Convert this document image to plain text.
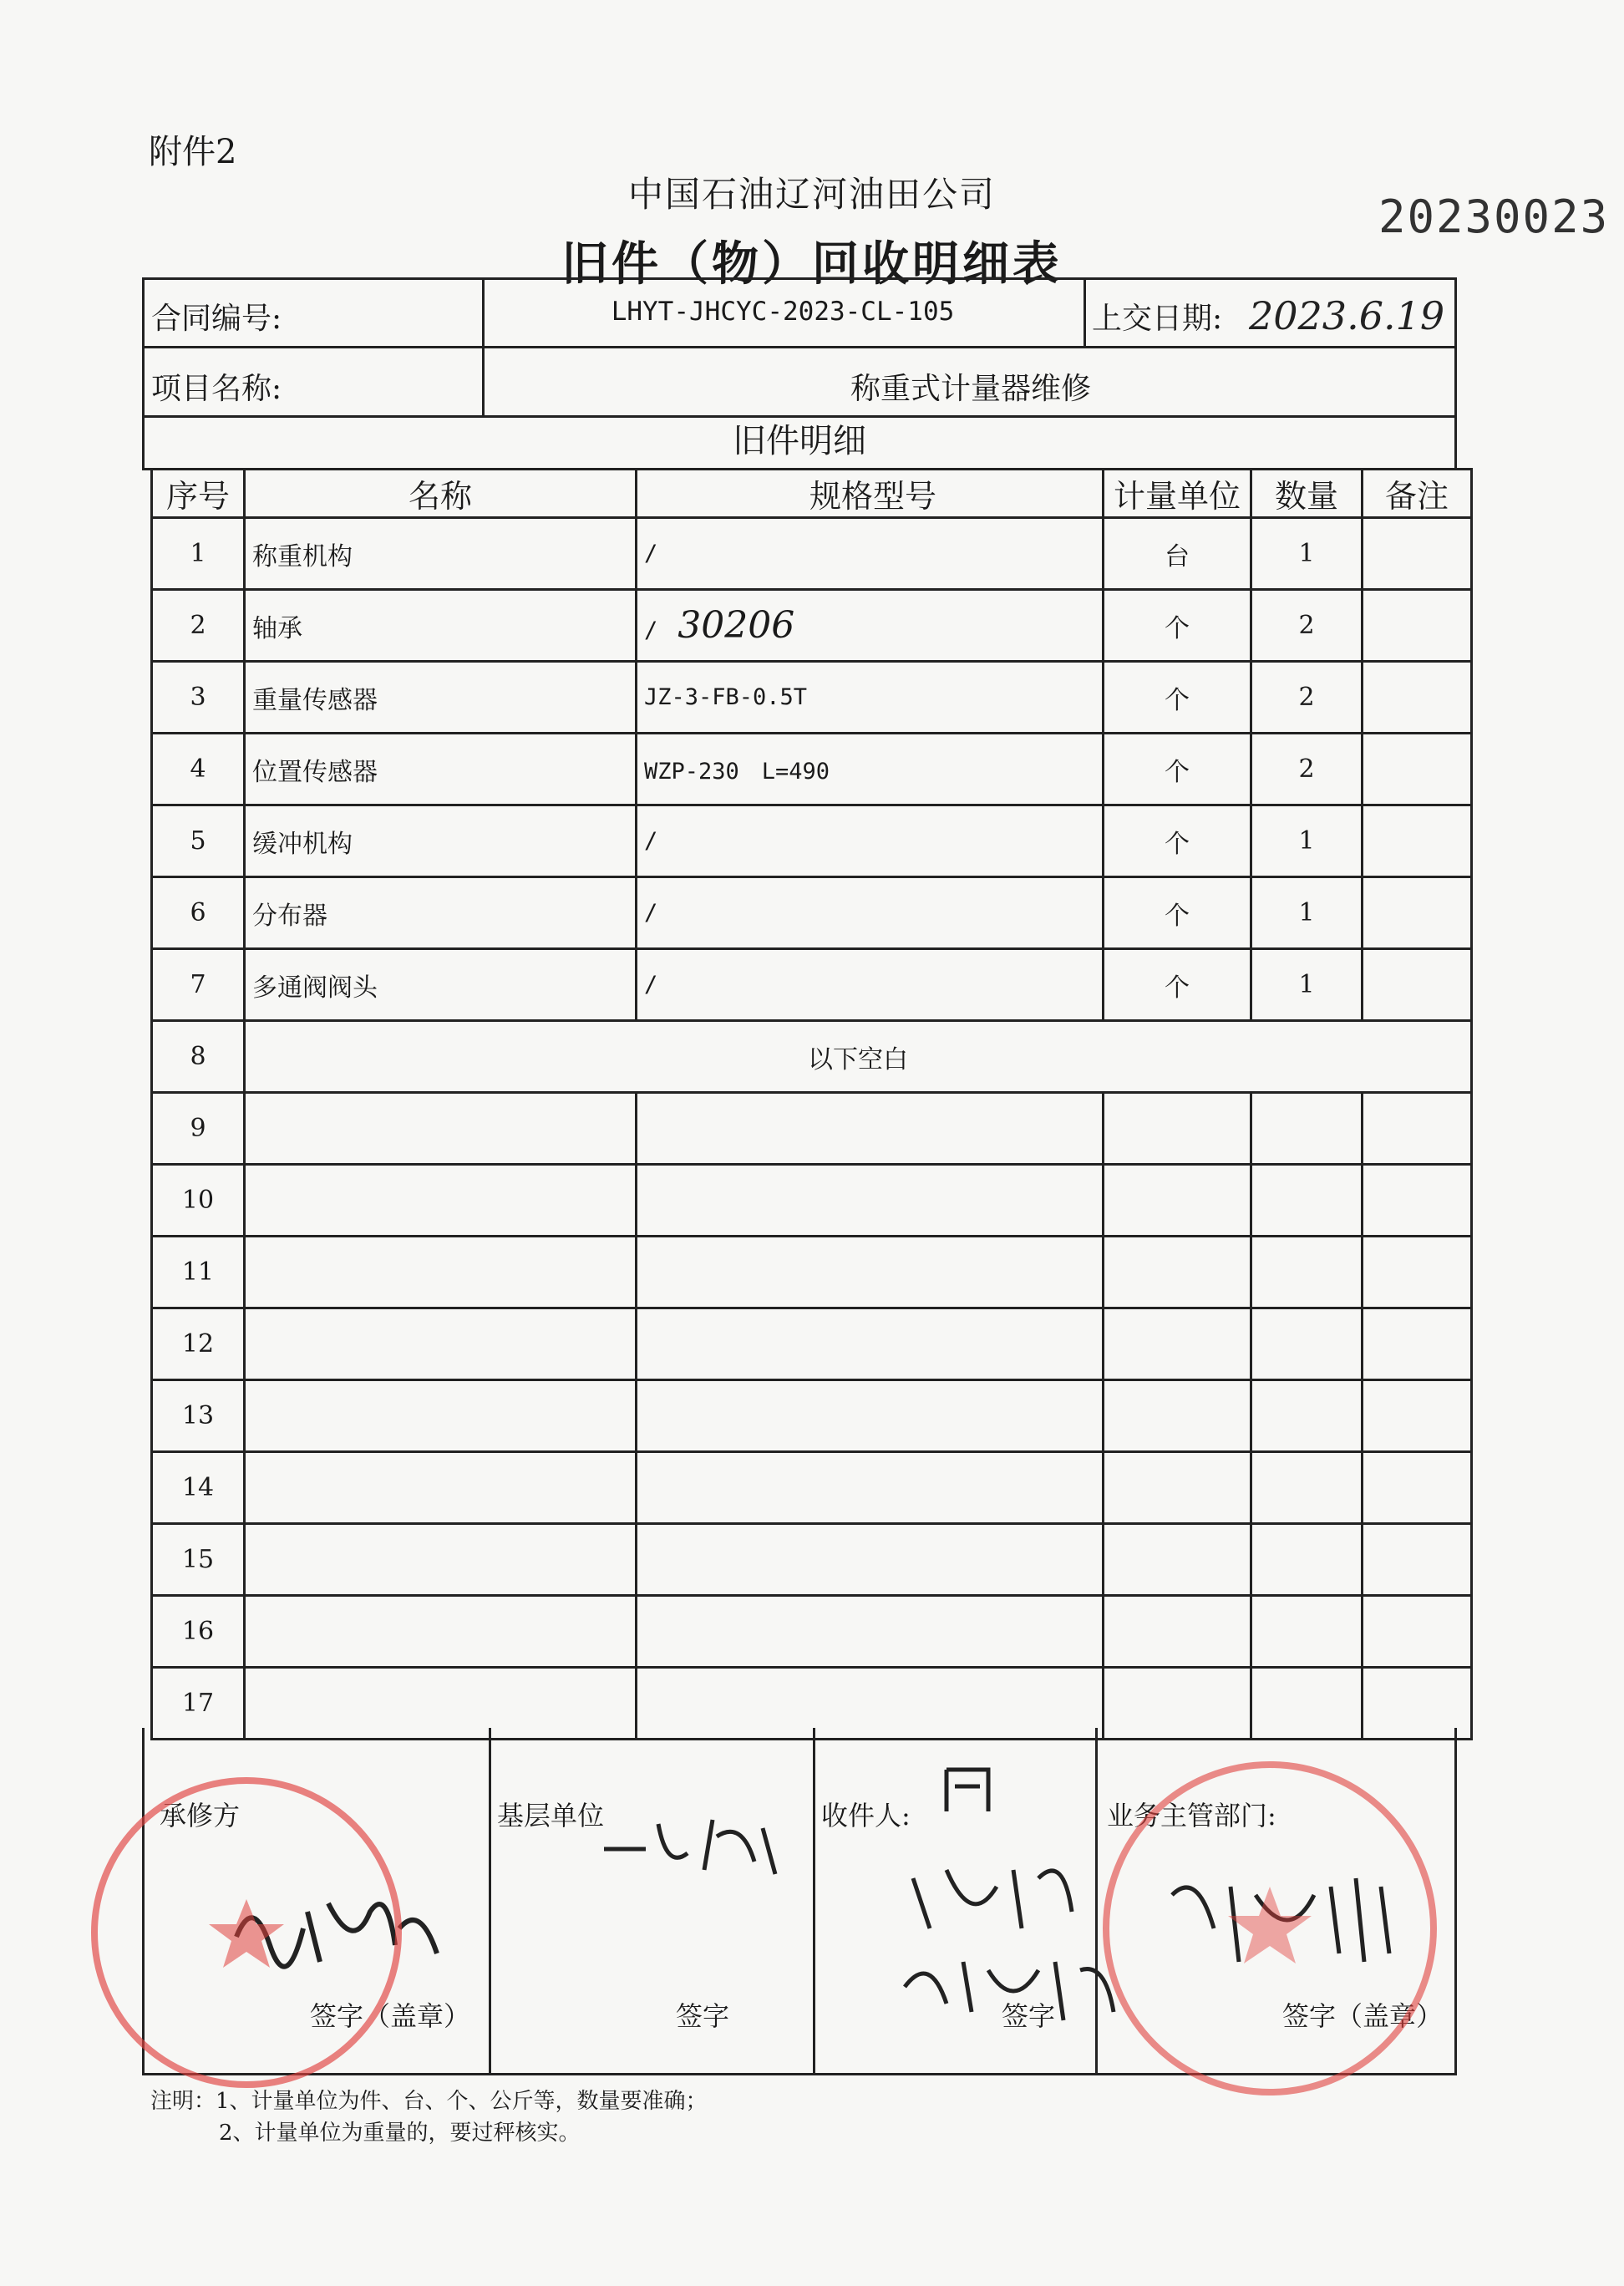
附件2
中国石油辽河油田公司
旧件（物）回收明细表
20230023
合同编号:	LHYT-JHCYC-2023-CL-105	上交日期: 2023.6.19
项目名称:	称重式计量器维修
旧件明细
序号	名称	规格型号	计量单位	数量	备注
1	称重机构	/	台	1	
2	轴承	/ 30206	个	2	
3	重量传感器	JZ-3-FB-0.5T	个	2	
4	位置传感器	WZP-230　L=490	个	2	
5	缓冲机构	/	个	1	
6	分布器	/	个	1	
7	多通阀阀头	/	个	1	
8	以下空白				
9					
10					
11					
12					
13					
14					
15					
16					
17					
承修方
签字（盖章）
基层单位
签字
收件人:
签字
业务主管部门:
签字（盖章）
注明：1、计量单位为件、台、个、公斤等，数量要准确；
2、计量单位为重量的，要过秤核实。
